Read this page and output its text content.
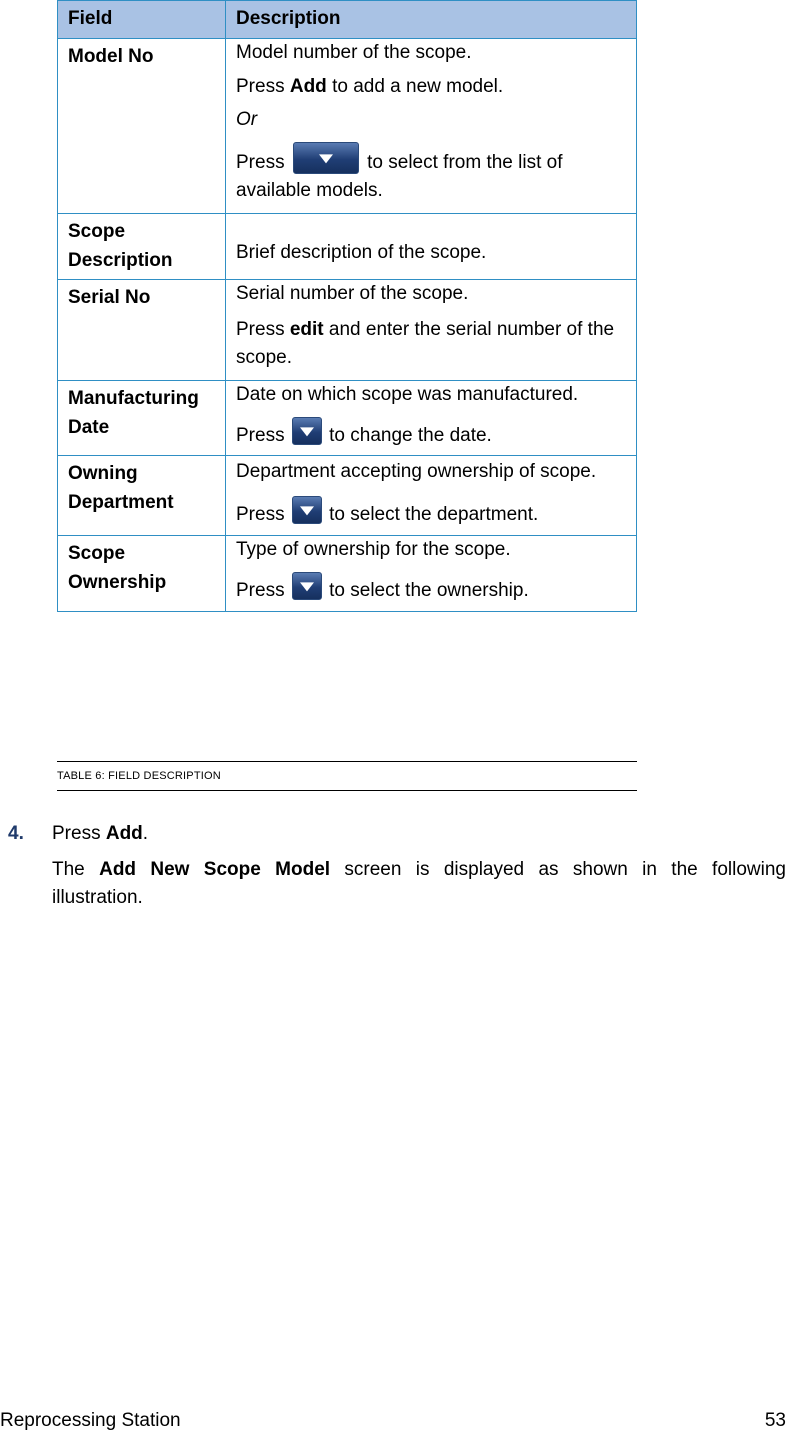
Field	Description
Model No	Model number of the scope.

Press Add to add a new model.

Or

Press to select from the list of available models.

Scope Description	Brief description of the scope.

Serial No	Serial number of the scope.

Press edit and enter the serial number of the scope.

Manufacturing Date	Date on which scope was manufactured.

Press
to change the date.

Owning Department	Department accepting ownership of scope.

Press
to select the department.

Scope Ownership	Type of ownership for the scope.

Press
to select the ownership.

TABLE 6: FIELD DESCRIPTION
4. Press Add.
The Add New Scope Model screen is displayed as shown in the following illustration.
Reprocessing Station	53
